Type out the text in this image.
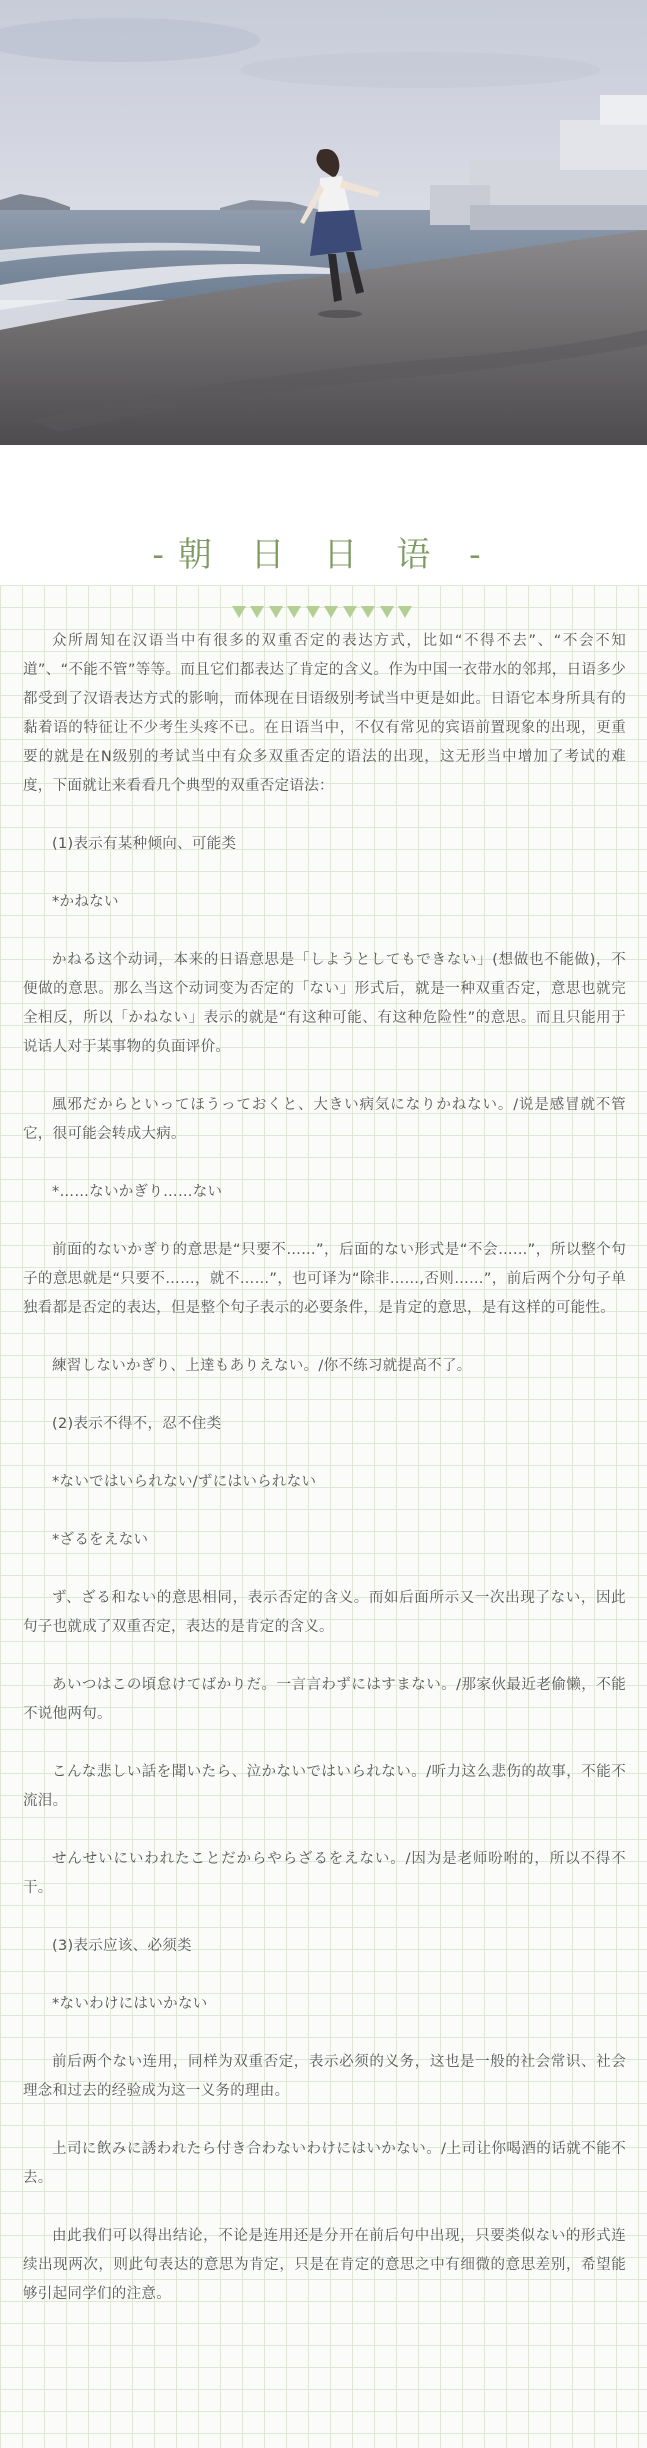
-朝 日 日 语 -

众所周知在汉语当中有很多的双重否定的表达方式，比如“不得不去”、“不会不知道”、“不能不管”等等。而且它们都表达了肯定的含义。作为中国一衣带水的邻邦，日语多少都受到了汉语表达方式的影响，而体现在日语级别考试当中更是如此。日语它本身所具有的黏着语的特征让不少考生头疼不已。在日语当中，不仅有常见的宾语前置现象的出现，更重要的就是在N级别的考试当中有众多双重否定的语法的出现，这无形当中增加了考试的难度，下面就让来看看几个典型的双重否定语法：

(1)表示有某种倾向、可能类

*かねない

かねる这个动词，本来的日语意思是「しようとしてもできない」(想做也不能做)，不便做的意思。那么当这个动词变为否定的「ない」形式后，就是一种双重否定，意思也就完全相反，所以「かねない」表示的就是“有这种可能、有这种危险性”的意思。而且只能用于说话人对于某事物的负面评价。

風邪だからといってほうっておくと、大きい病気になりかねない。/说是感冒就不管它，很可能会转成大病。

*……ないかぎり……ない

前面的ないかぎり的意思是“只要不……”，后面的ない形式是“不会……”，所以整个句子的意思就是“只要不……，就不……”，也可译为“除非……,否则……”，前后两个分句子单独看都是否定的表达，但是整个句子表示的必要条件，是肯定的意思，是有这样的可能性。

練習しないかぎり、上達もありえない。/你不练习就提高不了。

(2)表示不得不，忍不住类

*ないではいられない/ずにはいられない

*ざるをえない

ず、ざる和ない的意思相同，表示否定的含义。而如后面所示又一次出现了ない，因此句子也就成了双重否定，表达的是肯定的含义。

あいつはこの頃怠けてばかりだ。一言言わずにはすまない。/那家伙最近老偷懒，不能不说他两句。

こんな悲しい話を聞いたら、泣かないではいられない。/听力这么悲伤的故事，不能不流泪。

せんせいにいわれたことだからやらざるをえない。/因为是老师吩咐的，所以不得不干。

(3)表示应该、必须类

*ないわけにはいかない

前后两个ない连用，同样为双重否定，表示必须的义务，这也是一般的社会常识、社会理念和过去的经验成为这一义务的理由。

上司に飲みに誘われたら付き合わないわけにはいかない。/上司让你喝酒的话就不能不去。

由此我们可以得出结论，不论是连用还是分开在前后句中出现，只要类似ない的形式连续出现两次，则此句表达的意思为肯定，只是在肯定的意思之中有细微的意思差别，希望能够引起同学们的注意。
